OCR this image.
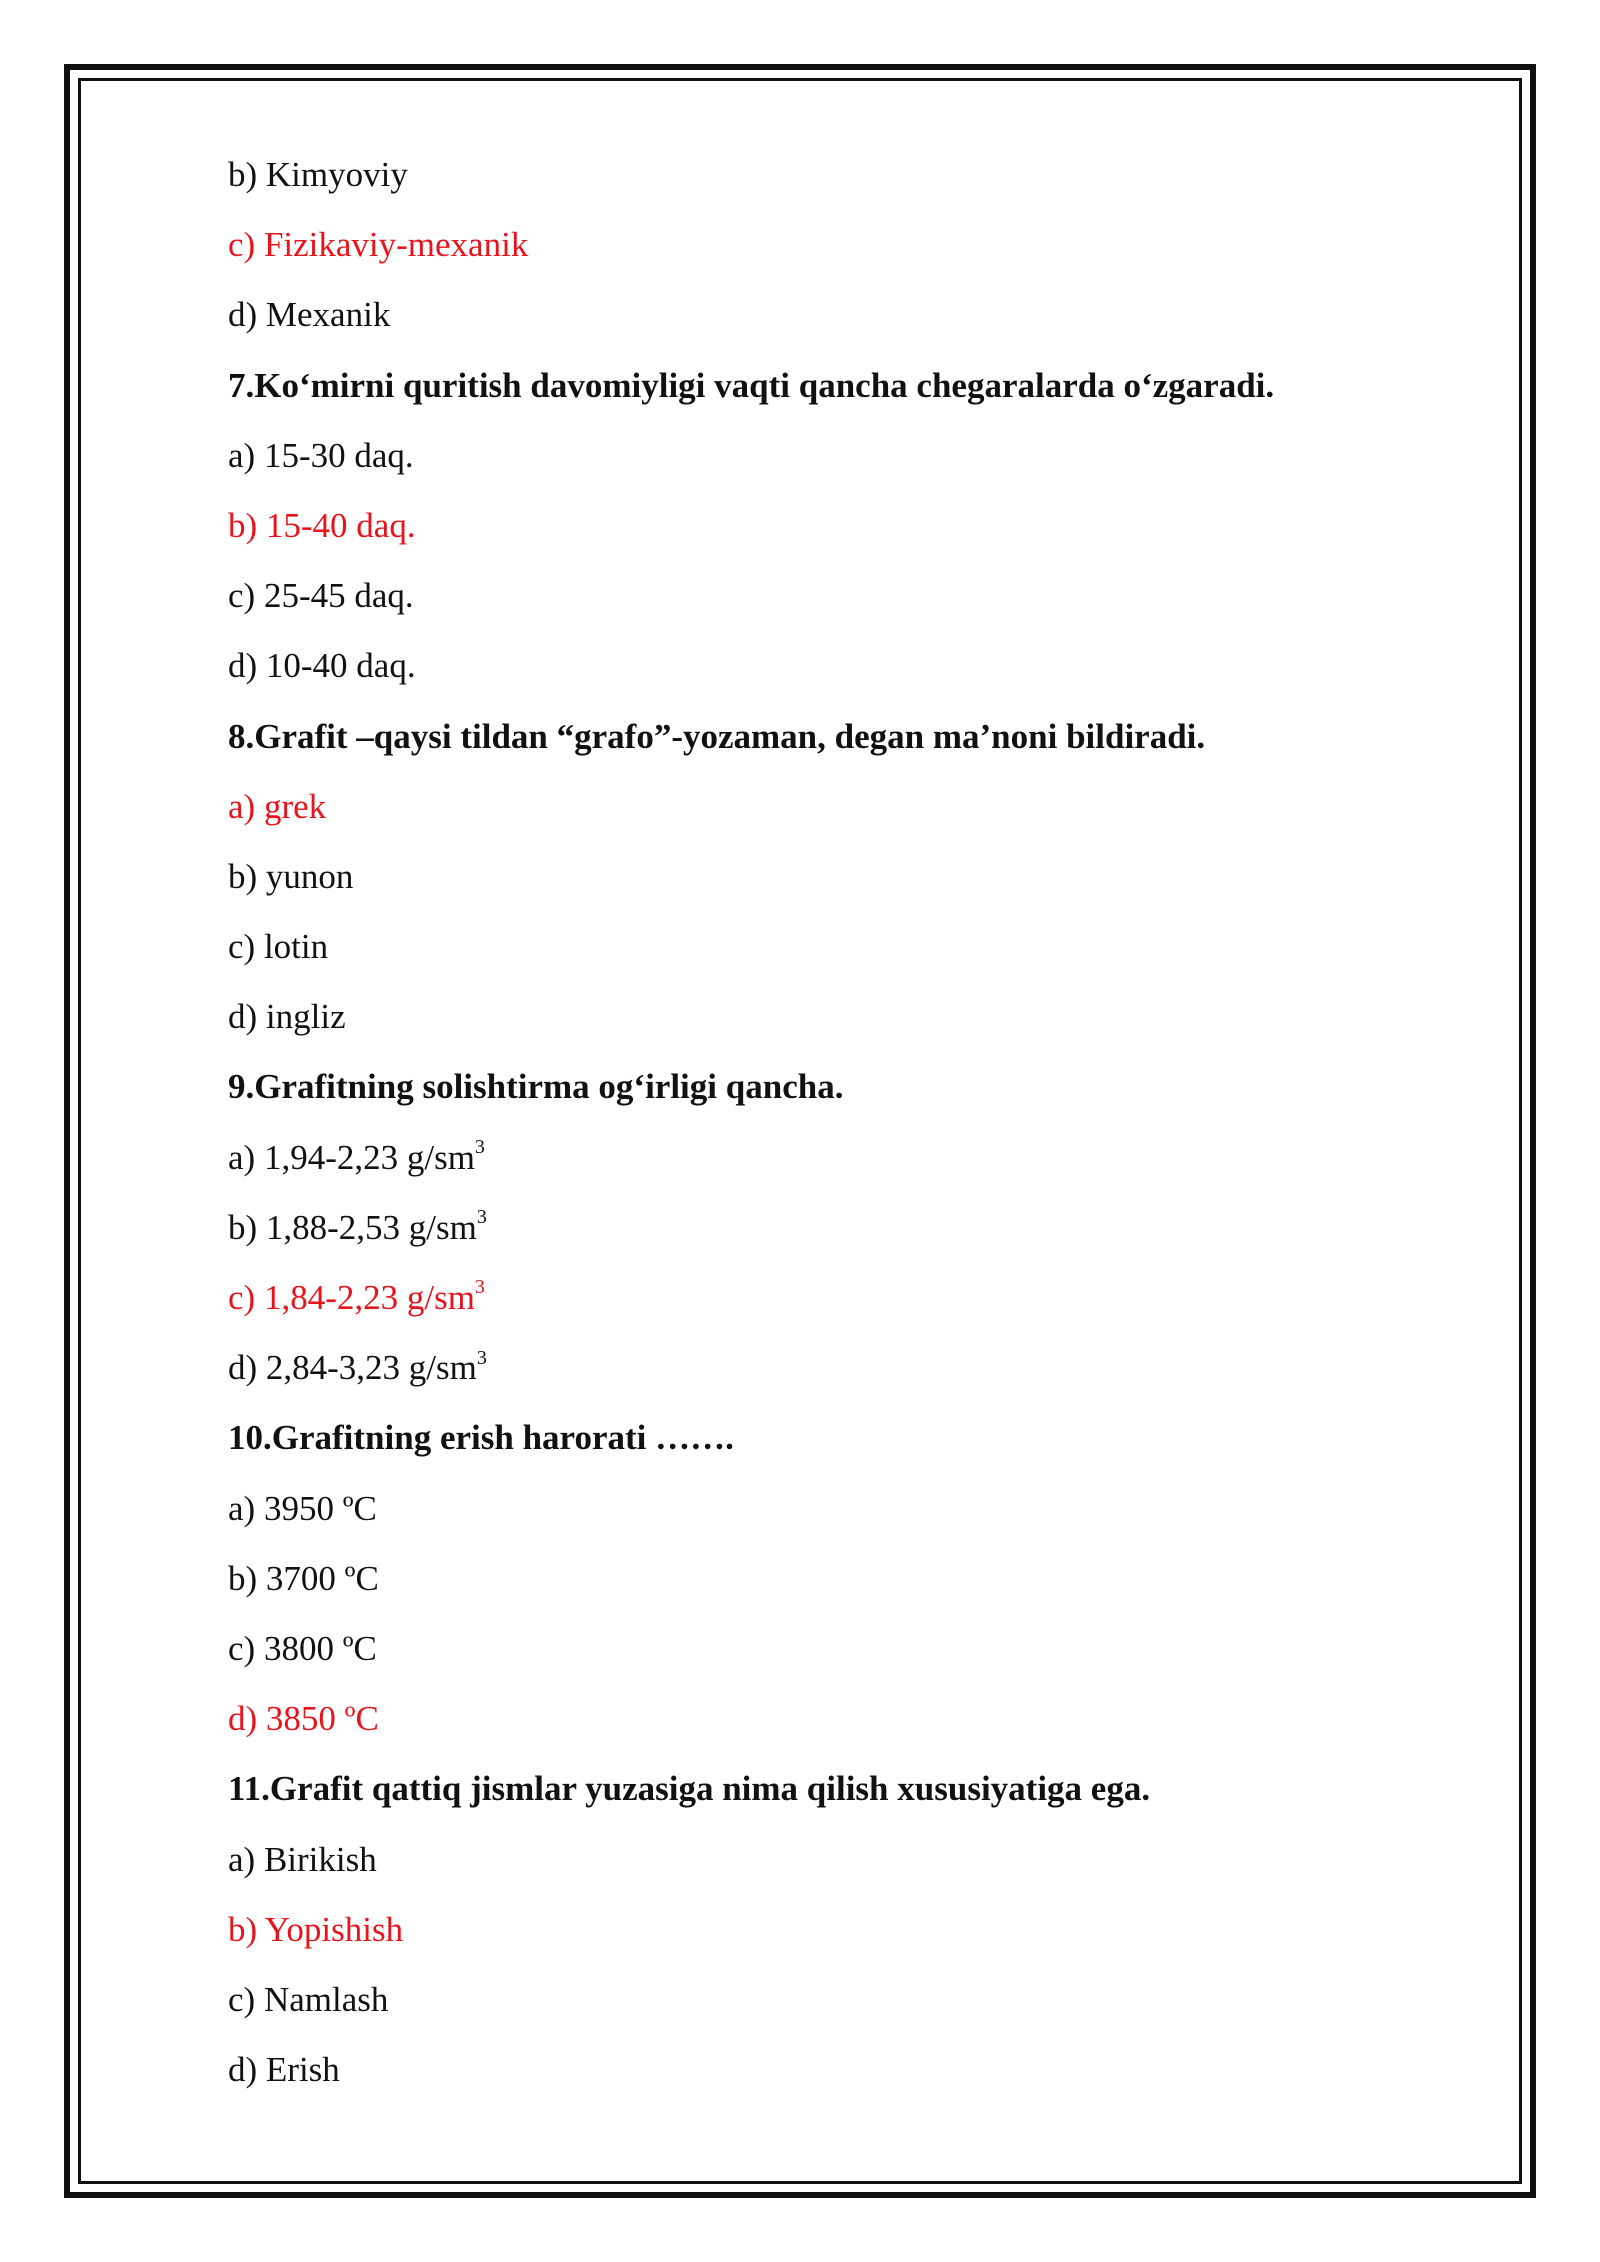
b) Kimyoviy
c) Fizikaviy-mexanik
d) Mexanik
7.Ko‘mirni quritish davomiyligi vaqti qancha chegaralarda o‘zgaradi.
a) 15-30 daq.
b) 15-40 daq.
c) 25-45 daq.
d) 10-40 daq.
8.Grafit –qaysi tildan “grafo”-yozaman, degan ma’noni bildiradi.
a) grek
b) yunon
c) lotin
d) ingliz
9.Grafitning solishtirma og‘irligi qancha.
a) 1,94-2,23 $g/sm^3$
b) 1,88-2,53 $g/sm^3$
c) 1,84-2,23 $g/sm^3$
d) 2,84-3,23 $g/sm^3$
10.Grafitning erish harorati …….
a) 3950 ºC
b) 3700 ºC
c) 3800 ºC
d) 3850 ºC
11.Grafit qattiq jismlar yuzasiga nima qilish xususiyatiga ega.
a) Birikish
b) Yopishish
c) Namlash
d) Erish
